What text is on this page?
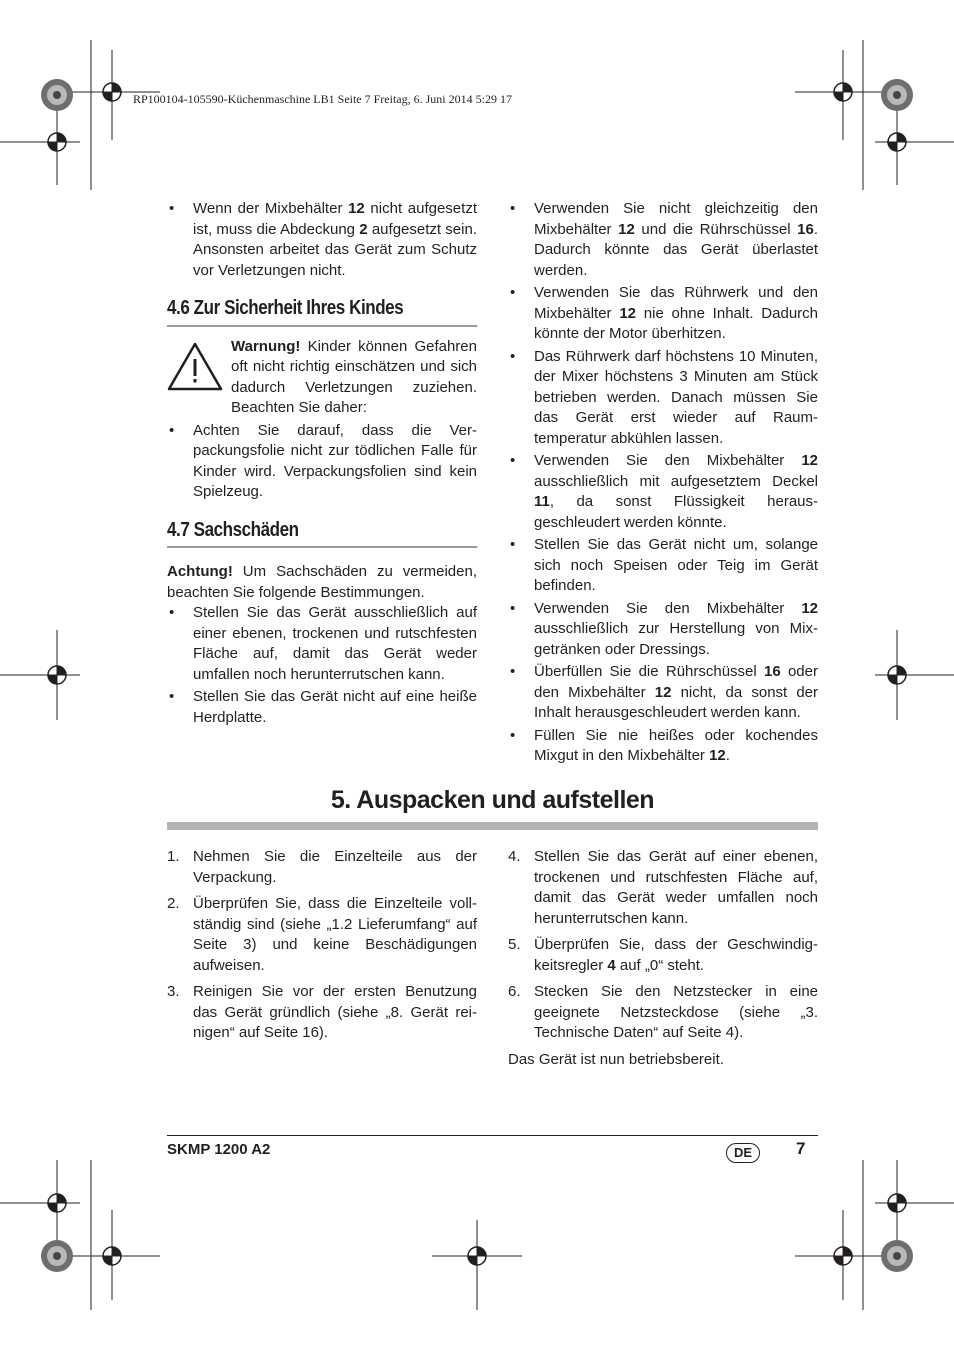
RP100104-105590-Küchenmaschine LB1 Seite 7 Freitag, 6. Juni 2014 5:29 17
• Wenn der Mixbehälter 12 nicht aufgesetzt ist, muss die Abdeckung 2 aufgesetzt sein. Ansonsten arbeitet das Gerät zum Schutz vor Verletzungen nicht.
4.6 Zur Sicherheit Ihres Kindes
Warnung! Kinder können Gefahren oft nicht richtig einschätzen und sich dadurch Verletzungen zuziehen. Beachten Sie daher:
• Achten Sie darauf, dass die Verpackungsfolie nicht zur tödlichen Falle für Kinder wird. Verpackungsfolien sind kein Spielzeug.
4.7 Sachschäden

Achtung! Um Sachschäden zu vermeiden, beachten Sie folgende Bestimmungen.

• Stellen Sie das Gerät ausschließlich auf einer ebenen, trockenen und rutschfesten Fläche auf, damit das Gerät weder umfallen noch herunterrutschen kann.
• Stellen Sie das Gerät nicht auf eine heiße Herdplatte.
• Verwenden Sie nicht gleichzeitig den Mixbehälter 12 und die Rührschüssel 16. Dadurch könnte das Gerät überlastet werden.
• Verwenden Sie das Rührwerk und den Mixbehälter 12 nie ohne Inhalt. Dadurch könnte der Motor überhitzen.
• Das Rührwerk darf höchstens 10 Minuten, der Mixer höchstens 3 Minuten am Stück betrieben werden. Danach müssen Sie das Gerät erst wieder auf Raumtemperatur abkühlen lassen.
• Verwenden Sie den Mixbehälter 12 ausschließlich mit aufgesetztem Deckel 11, da sonst Flüssigkeit herausgeschleudert werden könnte.
• Stellen Sie das Gerät nicht um, solange sich noch Speisen oder Teig im Gerät befinden.
• Verwenden Sie den Mixbehälter 12 ausschließlich zur Herstellung von Mixgetränken oder Dressings.
• Überfüllen Sie die Rührschüssel 16 oder den Mixbehälter 12 nicht, da sonst der Inhalt herausgeschleudert werden kann.
• Füllen Sie nie heißes oder kochendes Mixgut in den Mixbehälter 12.
5. Auspacken und aufstellen
1. Nehmen Sie die Einzelteile aus der Verpackung.
2. Überprüfen Sie, dass die Einzelteile vollständig sind (siehe „1.2 Lieferumfang“ auf Seite 3) und keine Beschädigungen aufweisen.
3. Reinigen Sie vor der ersten Benutzung das Gerät gründlich (siehe „8. Gerät reinigen“ auf Seite 16).
4. Stellen Sie das Gerät auf einer ebenen, trockenen und rutschfesten Fläche auf, damit das Gerät weder umfallen noch herunterrutschen kann.
5. Überprüfen Sie, dass der Geschwindigkeitsregler 4 auf „0“ steht.
6. Stecken Sie den Netzstecker in eine geeignete Netzsteckdose (siehe „3. Technische Daten“ auf Seite 4).

Das Gerät ist nun betriebsbereit.

SKMP 1200 A2	DE	7
